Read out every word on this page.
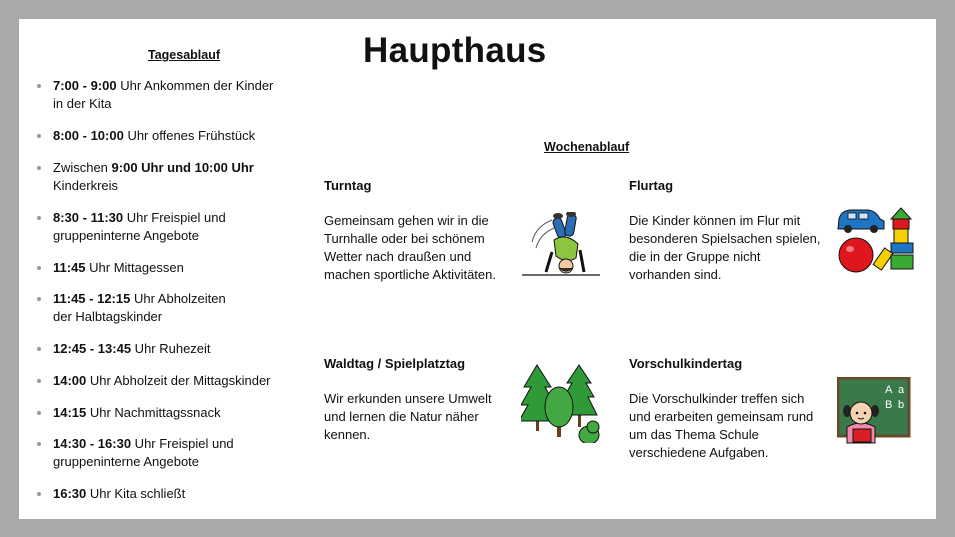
Haupthaus
Tagesablauf
7:00 - 9:00 Uhr Ankommen der Kinder
in der Kita
8:00 - 10:00 Uhr offenes Frühstück
Zwischen 9:00 Uhr und 10:00 Uhr
Kinderkreis
8:30 - 11:30 Uhr Freispiel und
gruppeninterne Angebote
11:45 Uhr Mittagessen
11:45 - 12:15 Uhr Abholzeiten
der Halbtagskinder
12:45 - 13:45 Uhr Ruhezeit
14:00 Uhr Abholzeit der Mittagskinder
14:15 Uhr Nachmittagssnack
14:30 - 16:30 Uhr Freispiel und
gruppeninterne Angebote
16:30 Uhr Kita schließt
Wochenablauf
Turntag
Gemeinsam gehen wir in die
Turnhalle oder bei schönem
Wetter nach draußen und
machen sportliche Aktivitäten.
Flurtag
Die Kinder können im Flur mit
besonderen Spielsachen spielen,
die in der Gruppe nicht
vorhanden sind.
Waldtag / Spielplatztag
Wir erkunden unsere Umwelt
und lernen die Natur näher
kennen.
Vorschulkindertag
Die Vorschulkinder treffen sich
und erarbeiten gemeinsam rund
um das Thema Schule
verschiedene Aufgaben.
A a
B b
